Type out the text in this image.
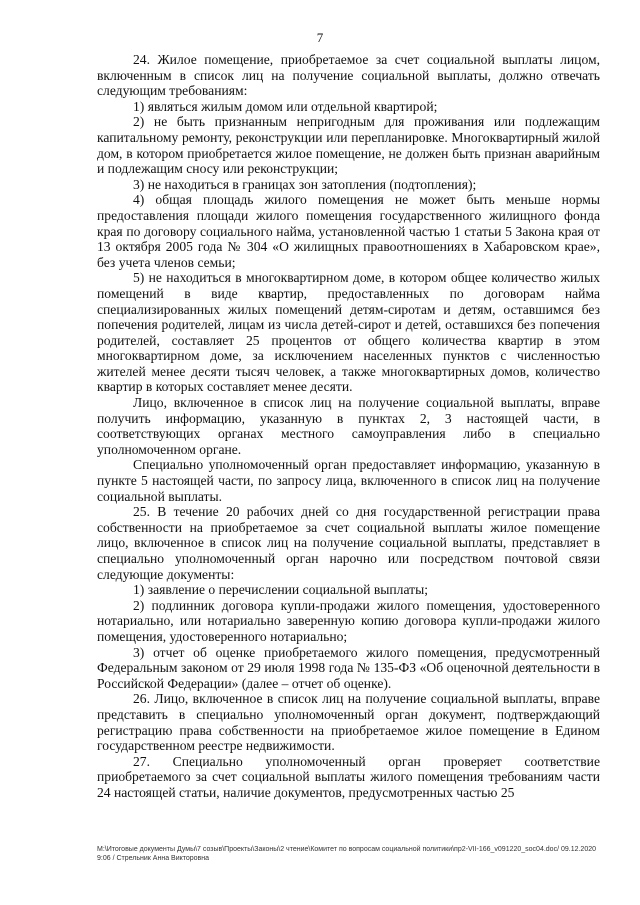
7

24. Жилое помещение, приобретаемое за счет социальной выплаты лицом, включенным в список лиц на получение социальной выплаты, должно отвечать следующим требованиям:

1) являться жилым домом или отдельной квартирой;

2) не быть признанным непригодным для проживания или подлежащим капитальному ремонту, реконструкции или перепланировке. Многоквартирный жилой дом, в котором приобретается жилое помещение, не должен быть признан аварийным и подлежащим сносу или реконструкции;

3) не находиться в границах зон затопления (подтопления);

4) общая площадь жилого помещения не может быть меньше нормы предоставления площади жилого помещения государственного жилищного фонда края по договору социального найма, установленной частью 1 статьи 5 Закона края от 13 октября 2005 года № 304 «О жилищных правоотношениях в Хабаровском крае», без учета членов семьи;

5) не находиться в многоквартирном доме, в котором общее количество жилых помещений в виде квартир, предоставленных по договорам найма специализированных жилых помещений детям-сиротам и детям, оставшимся без попечения родителей, лицам из числа детей-сирот и детей, оставшихся без попечения родителей, составляет 25 процентов от общего количества квартир в этом многоквартирном доме, за исключением населенных пунктов с численностью жителей менее десяти тысяч человек, а также многоквартирных домов, количество квартир в которых составляет менее десяти.

Лицо, включенное в список лиц на получение социальной выплаты, вправе получить информацию, указанную в пунктах 2, 3 настоящей части, в соответствующих органах местного самоуправления либо в специально уполномоченном органе.

Специально уполномоченный орган предоставляет информацию, указанную в пункте 5 настоящей части, по запросу лица, включенного в список лиц на получение социальной выплаты.

25. В течение 20 рабочих дней со дня государственной регистрации права собственности на приобретаемое за счет социальной выплаты жилое помещение лицо, включенное в список лиц на получение социальной выплаты, представляет в специально уполномоченный орган нарочно или посредством почтовой связи следующие документы:

1) заявление о перечислении социальной выплаты;

2) подлинник договора купли-продажи жилого помещения, удостоверенного нотариально, или нотариально заверенную копию договора купли-продажи жилого помещения, удостоверенного нотариально;

3) отчет об оценке приобретаемого жилого помещения, предусмотренный Федеральным законом от 29 июля 1998 года № 135-ФЗ «Об оценочной деятельности в Российской Федерации» (далее – отчет об оценке).

26. Лицо, включенное в список лиц на получение социальной выплаты, вправе представить в специально уполномоченный орган документ, подтверждающий регистрацию права собственности на приобретаемое жилое помещение в Едином государственном реестре недвижимости.

27. Специально уполномоченный орган проверяет соответствие приобретаемого за счет социальной выплаты жилого помещения требованиям части 24 настоящей статьи, наличие документов, предусмотренных частью 25

M:\Итоговые документы Думы\7 созыв\Проекты\Законы\2 чтение\Комитет по вопросам социальной политики\пр2-VII-166_v091220_soc04.doc/ 09.12.2020 9:06 / Стрельник Анна Викторовна
